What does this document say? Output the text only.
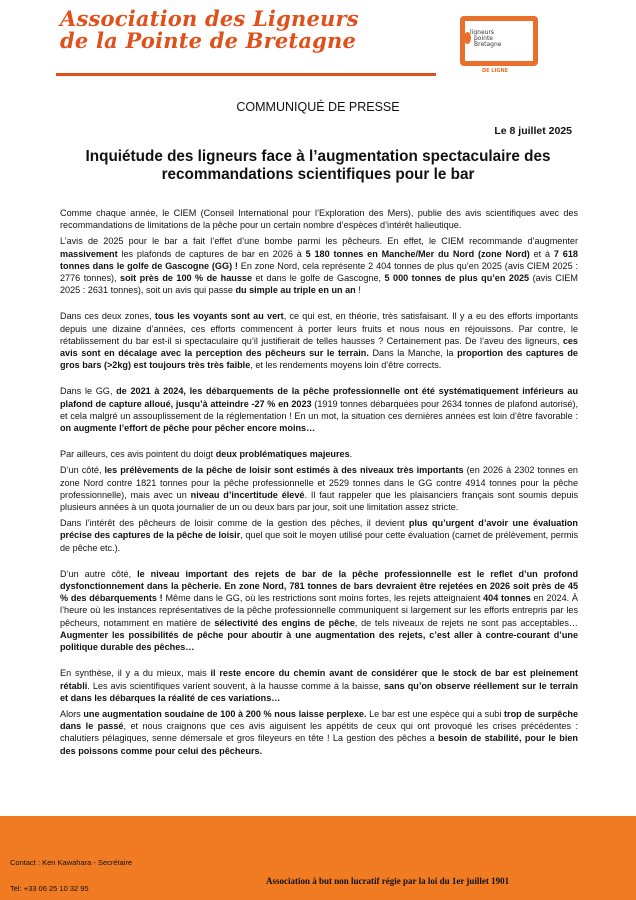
Association des Ligneurs
de la Pointe de Bretagne
BAR
ligneurs
pointe
Bretagne
DE LIGNE
COMMUNIQUÉ DE PRESSE
Le 8 juillet 2025
Inquiétude des ligneurs face à l’augmentation spectaculaire des recommandations scientifiques pour le bar

Comme chaque année, le CIEM (Conseil International pour l’Exploration des Mers), publie des avis scientifiques avec des recommandations de limitations de la pêche pour un certain nombre d’espèces d’intérêt halieutique.

L’avis de 2025 pour le bar a fait l’effet d’une bombe parmi les pêcheurs. En effet, le CIEM recommande d’augmenter massivement les plafonds de captures de bar en 2026 à 5 180 tonnes en Manche/Mer du Nord (zone Nord) et à 7 618 tonnes dans le golfe de Gascogne (GG) ! En zone Nord, cela représente 2 404 tonnes de plus qu’en 2025 (avis CIEM 2025 : 2776 tonnes), soit près de 100 % de hausse et dans le golfe de Gascogne, 5 000 tonnes de plus qu’en 2025 (avis CIEM 2025 : 2631 tonnes), soit un avis qui passe du simple au triple en un an !

Dans ces deux zones, tous les voyants sont au vert, ce qui est, en théorie, très satisfaisant. Il y a eu des efforts importants depuis une dizaine d’années, ces efforts commencent à porter leurs fruits et nous nous en réjouissons. Par contre, le rétablissement du bar est-il si spectaculaire qu’il justifierait de telles hausses ? Certainement pas. De l’aveu des ligneurs, ces avis sont en décalage avec la perception des pêcheurs sur le terrain. Dans la Manche, la proportion des captures de gros bars (>2kg) est toujours très très faible, et les rendements moyens loin d’être corrects.

Dans le GG, de 2021 à 2024, les débarquements de la pêche professionnelle ont été systématiquement inférieurs au plafond de capture alloué, jusqu’à atteindre -27 % en 2023 (1919 tonnes débarquées pour 2634 tonnes de plafond autorisé), et cela malgré un assouplissement de la réglementation ! En un mot, la situation ces dernières années est loin d’être favorable : on augmente l’effort de pêche pour pêcher encore moins…

Par ailleurs, ces avis pointent du doigt deux problématiques majeures.

D’un côté, les prélèvements de la pêche de loisir sont estimés à des niveaux très importants (en 2026 à 2302 tonnes en zone Nord contre 1821 tonnes pour la pêche professionnelle et 2529 tonnes dans le GG contre 4914 tonnes pour la pêche professionnelle), mais avec un niveau d’incertitude élevé. Il faut rappeler que les plaisanciers français sont soumis depuis plusieurs années à un quota journalier de un ou deux bars par jour, soit une limitation assez stricte.

Dans l’intérêt des pêcheurs de loisir comme de la gestion des pêches, il devient plus qu’urgent d’avoir une évaluation précise des captures de la pêche de loisir, quel que soit le moyen utilisé pour cette évaluation (carnet de prélèvement, permis de pêche etc.).

D’un autre côté, le niveau important des rejets de bar de la pêche professionnelle est le reflet d’un profond dysfonctionnement dans la pêcherie. En zone Nord, 781 tonnes de bars devraient être rejetées en 2026 soit près de 45 % des débarquements ! Même dans le GG, où les restrictions sont moins fortes, les rejets atteignaient 404 tonnes en 2024. À l’heure où les instances représentatives de la pêche professionnelle communiquent si largement sur les efforts entrepris par les pêcheurs, notamment en matière de sélectivité des engins de pêche, de tels niveaux de rejets ne sont pas acceptables… Augmenter les possibilités de pêche pour aboutir à une augmentation des rejets, c’est aller à contre-courant d’une politique durable des pêches…

En synthèse, il y a du mieux, mais il reste encore du chemin avant de considérer que le stock de bar est pleinement rétabli. Les avis scientifiques varient souvent, à la hausse comme à la baisse, sans qu’on observe réellement sur le terrain et dans les débarques la réalité de ces variations…

Alors une augmentation soudaine de 100 à 200 % nous laisse perplexe. Le bar est une espèce qui a subi trop de surpêche dans le passé, et nous craignons que ces avis aiguisent les appétits de ceux qui ont provoqué les crises précédentes : chalutiers pélagiques, senne démersale et gros fileyeurs en tête ! La gestion des pêches a besoin de stabilité, pour le bien des poissons comme pour celui des pêcheurs.

Contact : Ken Kawahara - Secrétaire
Tel: +33 06 25 10 32 95
Association à but non lucratif régie par la loi du 1er juillet 1901
